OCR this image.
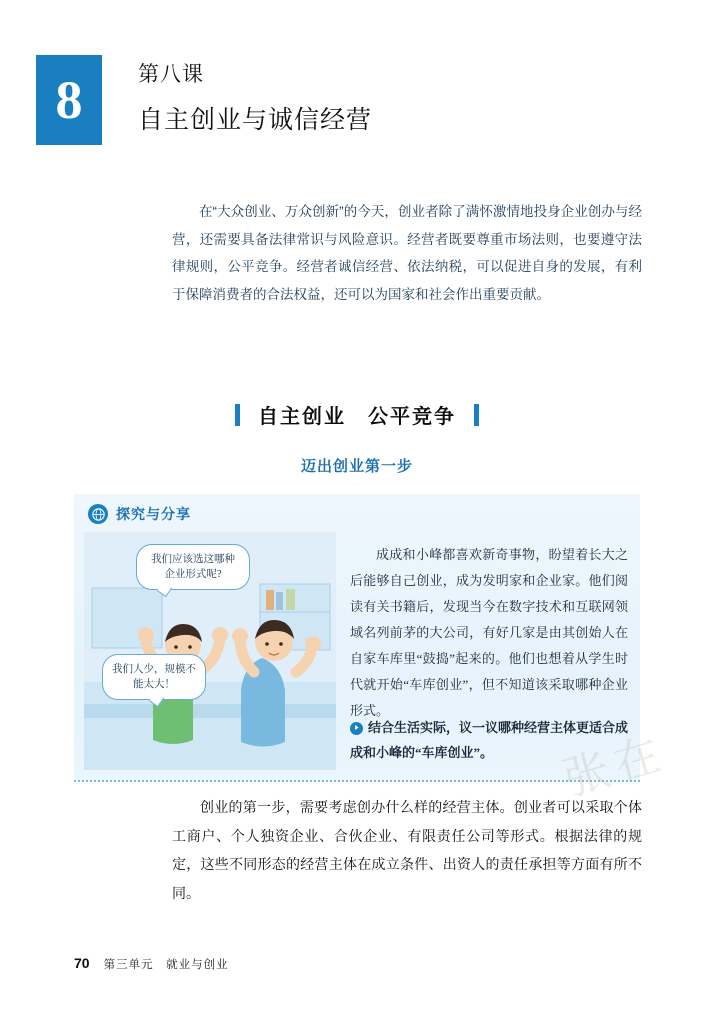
8	第八课
自主创业与诚信经营
在“大众创业、万众创新”的今天，创业者除了满怀激情地投身企业创办与经营，还需要具备法律常识与风险意识。经营者既要尊重市场法则，也要遵守法律规则，公平竞争。经营者诚信经营、依法纳税，可以促进自身的发展，有利于保障消费者的合法权益，还可以为国家和社会作出重要贡献。
自主创业　公平竞争
迈出创业第一步
探究与分享
我们应该选这哪种企业形式呢?
我们人少，规模不能太大！
成成和小峰都喜欢新奇事物，盼望着长大之后能够自己创业，成为发明家和企业家。他们阅读有关书籍后，发现当今在数字技术和互联网领域名列前茅的大公司，有好几家是由其创始人在自家车库里“鼓捣”起来的。他们也想着从学生时代就开始“车库创业”，但不知道该采取哪种企业形式。
结合生活实际，议一议哪种经营主体更适合成成和小峰的“车库创业”。	张在
创业的第一步，需要考虑创办什么样的经营主体。创业者可以采取个体工商户、个人独资企业、合伙企业、有限责任公司等形式。根据法律的规定，这些不同形态的经营主体在成立条件、出资人的责任承担等方面有所不同。
70 第三单元　就业与创业
